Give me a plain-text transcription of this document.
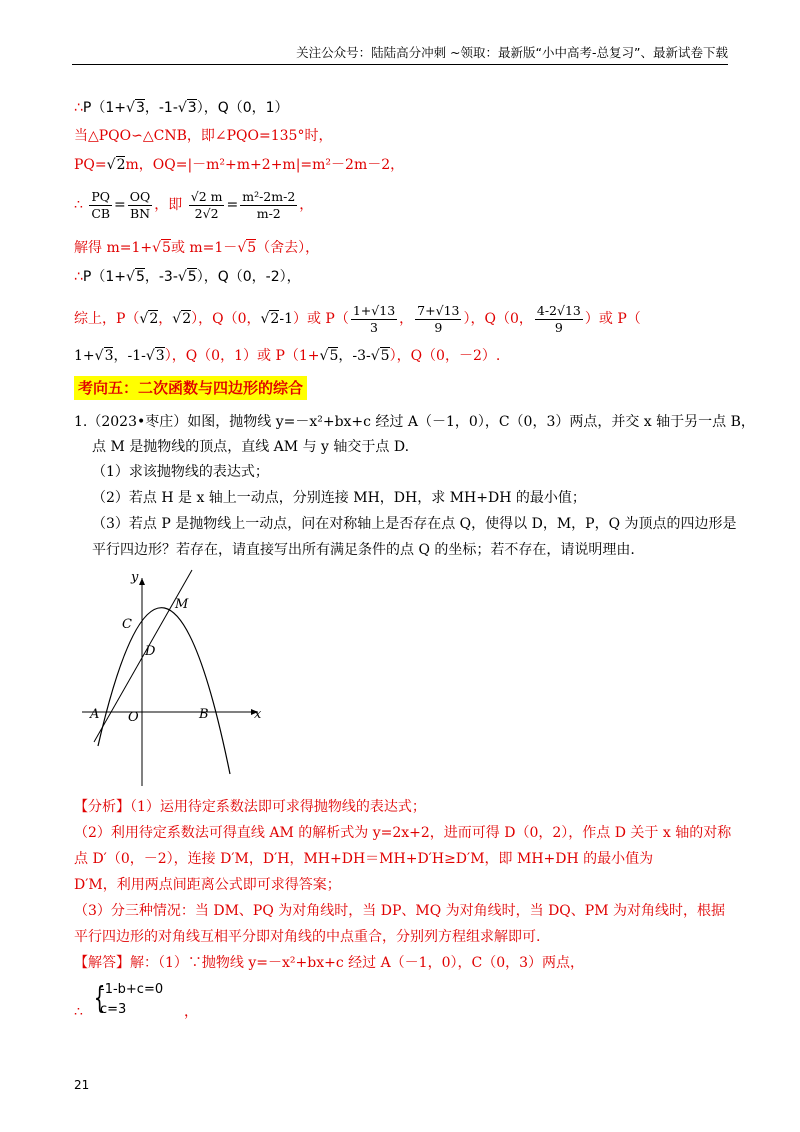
关注公众号：陆陆高分冲刺 ~领取：最新版“小中高考-总复习”、最新试卷下载
∴P（1+√3，-1-√3），Q（0，1）
当△PQO∽△CNB，即∠PQO=135°时，
PQ=√2m，OQ=|－m²+m+2+m|=m²－2m－2，
∴ $\frac{PQ}{CB} = \frac{OQ}{BN}$ ，即 $\frac{√2 m}{2√2} = \frac{\text{m²-2m-2}}{m-2}$ ，
解得 m=1+√5或 m=1－√5（舍去），
∴P（1+√5，-3-√5），Q（0，-2），
综上，P（√2，√2），Q（0，√2-1）或 $P( \frac{1+√13}{3}$ ， $\frac{7+√13}{9}$ ），Q（0， $\frac{4-2√13}{9}$ ）或 P（
1+√3，-1-√3），Q（0，1）或 P（1+√5，-3-√5），Q（0，－2）.
考向五：二次函数与四边形的综合
1.（2023•枣庄）如图，抛物线 y=－x²+bx+c 经过 A（－1，0），C（0，3）两点，并交 x 轴于另一点 B，
点 M 是抛物线的顶点，直线 AM 与 y 轴交于点 D.
（1）求该抛物线的表达式；
（2）若点 H 是 x 轴上一动点，分别连接 MH，DH，求 MH+DH 的最小值；
（3）若点 P 是抛物线上一动点，问在对称轴上是否存在点 Q，使得以 D，M，P，Q 为顶点的四边形是
平行四边形？若存在，请直接写出所有满足条件的点 Q 的坐标；若不存在，请说明理由.
y
x
M
C
D
A O	B
【分析】（1）运用待定系数法即可求得抛物线的表达式；
（2）利用待定系数法可得直线 AM 的解析式为 y=2x+2，进而可得 D（0，2），作点 D 关于 x 轴的对称
点 D′（0，－2），连接 D′M，D′H，MH+DH＝MH+D′H≥D′M，即 MH+DH 的最小值为
D′M，利用两点间距离公式即可求得答案；
（3）分三种情况：当 DM、PQ 为对角线时，当 DP、MQ 为对角线时，当 DQ、PM 为对角线时，根据
平行四边形的对角线互相平分即对角线的中点重合，分别列方程组求解即可.
【解答】解：（1）∵抛物线 y=－x²+bx+c 经过 A（－1，0），C（0，3）两点，
∴ {
-1-b+c=0
c=3	，
21
